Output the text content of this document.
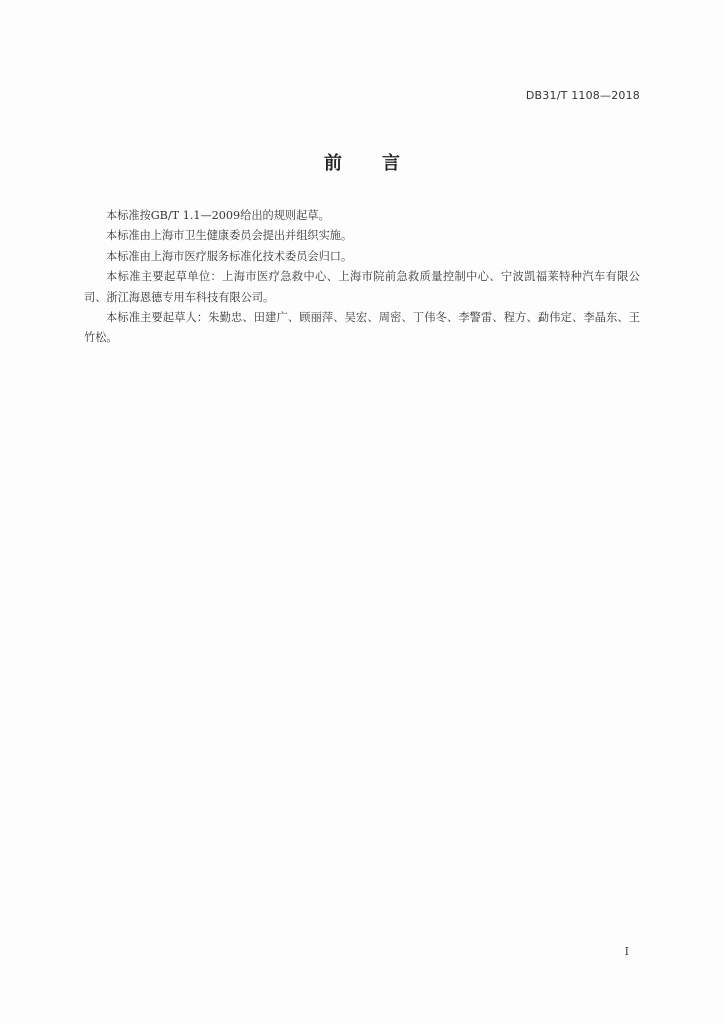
DB31/T 1108—2018
前 言

本标准按GB/T 1.1—2009给出的规则起草。

本标准由上海市卫生健康委员会提出并组织实施。

本标准由上海市医疗服务标准化技术委员会归口。

本标准主要起草单位：上海市医疗急救中心、上海市院前急救质量控制中心、宁波凯福莱特种汽车有限公司、浙江海恩德专用车科技有限公司。

本标准主要起草人：朱勤忠、田建广、顾丽萍、吴宏、周密、丁伟冬、李警雷、程方、勐伟定、李晶东、王竹松。

I
